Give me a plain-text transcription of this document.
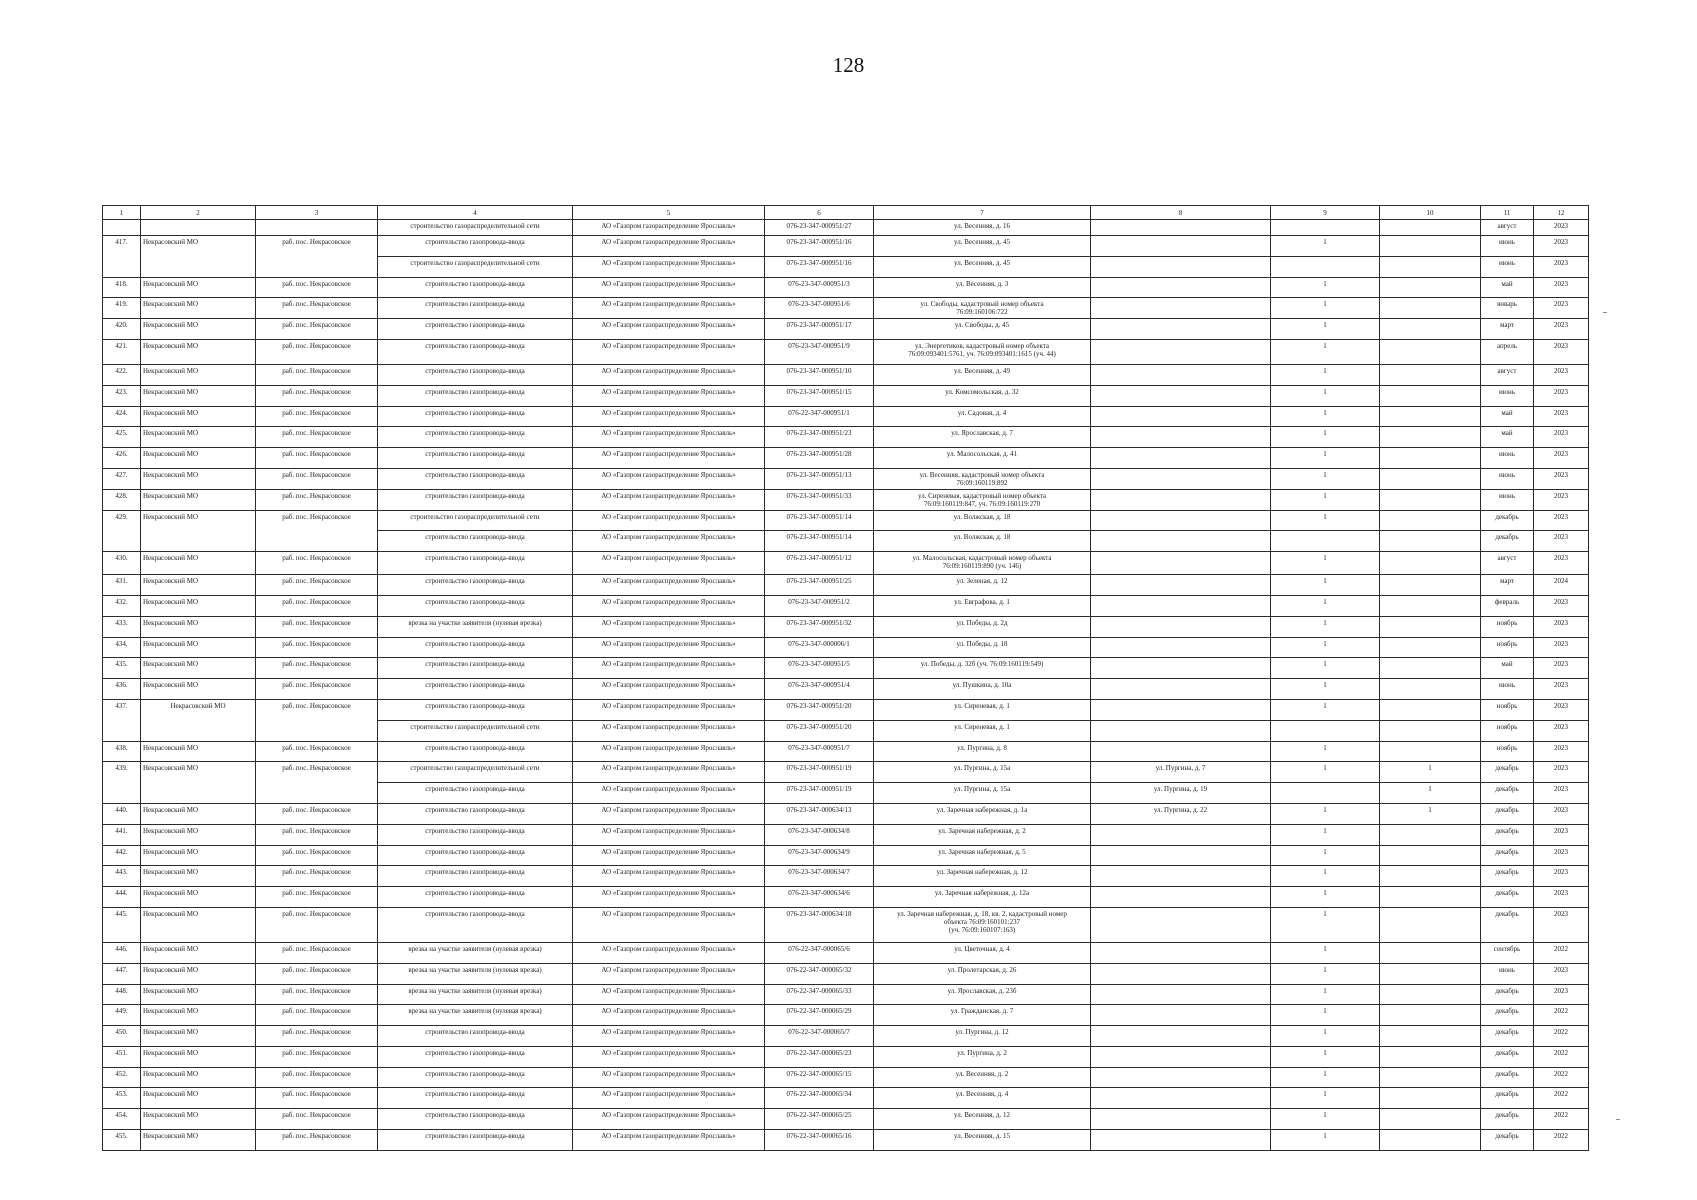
128
1	2	3	4	5	6	7	8	9	10	11	12
			строительство газораспределительной сети	АО «Газпром газораспределение Ярославль»	076-23-347-000951/27	ул. Весенняя, д. 16				август	2023
417.	Некрасовский МО	раб. пос. Некрасовское	строительство газопровода-ввода	АО «Газпром газораспределение Ярославль»	076-23-347-000951/16	ул. Весенняя, д. 45		1		июнь	2023
			строительство газораспределительной сети	АО «Газпром газораспределение Ярославль»	076-23-347-000951/16	ул. Весенняя, д. 45				июнь	2023
418.	Некрасовский МО	раб. пос. Некрасовское	строительство газопровода-ввода	АО «Газпром газораспределение Ярославль»	076-23-347-000951/3	ул. Весенняя, д. 3		1		май	2023
419.	Некрасовский МО	раб. пос. Некрасовское	строительство газопровода-ввода	АО «Газпром газораспределение Ярославль»	076-23-347-000951/6	ул. Свободы, кадастровый номер объекта
76:09:160106:722		1		январь	2023
420.	Некрасовский МО	раб. пос. Некрасовское	строительство газопровода-ввода	АО «Газпром газораспределение Ярославль»	076-23-347-000951/17	ул. Свободы, д. 45		1		март	2023
421.	Некрасовский МО	раб. пос. Некрасовское	строительство газопровода-ввода	АО «Газпром газораспределение Ярославль»	076-23-347-000951/9	ул. Энергетиков, кадастровый номер объекта
76:09:093401:5761, уч. 76:09:093401:1615 (уч. 44)		1		апрель	2023
422.	Некрасовский МО	раб. пос. Некрасовское	строительство газопровода-ввода	АО «Газпром газораспределение Ярославль»	076-23-347-000951/10	ул. Весенняя, д. 49		1		август	2023
423.	Некрасовский МО	раб. пос. Некрасовское	строительство газопровода-ввода	АО «Газпром газораспределение Ярославль»	076-23-347-000951/15	ул. Комсомольская, д. 32		1		июнь	2023
424.	Некрасовский МО	раб. пос. Некрасовское	строительство газопровода-ввода	АО «Газпром газораспределение Ярославль»	076-22-347-000951/1	ул. Садовая, д. 4		1		май	2023
425.	Некрасовский МО	раб. пос. Некрасовское	строительство газопровода-ввода	АО «Газпром газораспределение Ярославль»	076-23-347-000951/23	ул. Ярославская, д. 7		1		май	2023
426.	Некрасовский МО	раб. пос. Некрасовское	строительство газопровода-ввода	АО «Газпром газораспределение Ярославль»	076-23-347-000951/28	ул. Малосольская, д. 41		1		июнь	2023
427.	Некрасовский МО	раб. пос. Некрасовское	строительство газопровода-ввода	АО «Газпром газораспределение Ярославль»	076-23-347-000951/13	ул. Весенняя, кадастровый номер объекта
76:09:160119:892		1		июнь	2023
428.	Некрасовский МО	раб. пос. Некрасовское	строительство газопровода-ввода	АО «Газпром газораспределение Ярославль»	076-23-347-000951/33	ул. Сиреневая, кадастровый номер объекта
76:09:160119:847, уч. 76:09:160119:270		1		июнь	2023
429.	Некрасовский МО	раб. пос. Некрасовское	строительство газораспределительной сети	АО «Газпром газораспределение Ярославль»	076-23-347-000951/14	ул. Волжская, д. 18		1		декабрь	2023
			строительство газопровода-ввода	АО «Газпром газораспределение Ярославль»	076-23-347-000951/14	ул. Волжская, д. 18				декабрь	2023
430.	Некрасовский МО	раб. пос. Некрасовское	строительство газопровода-ввода	АО «Газпром газораспределение Ярославль»	076-23-347-000951/12	ул. Малосольская, кадастровый номер объекта
76:09:160119:890 (уч. 146)		1		август	2023
431.	Некрасовский МО	раб. пос. Некрасовское	строительство газопровода-ввода	АО «Газпром газораспределение Ярославль»	076-23-347-000951/25	ул. Зеленая, д. 12		1		март	2024
432.	Некрасовский МО	раб. пос. Некрасовское	строительство газопровода-ввода	АО «Газпром газораспределение Ярославль»	076-23-347-000951/2	ул. Евграфова, д. 1		1		февраль	2023
433.	Некрасовский МО	раб. пос. Некрасовское	врезка на участке заявителя (нулевая врезка)	АО «Газпром газораспределение Ярославль»	076-23-347-000951/32	ул. Победы, д. 2д		1		ноябрь	2023
434.	Некрасовский МО	раб. пос. Некрасовское	строительство газопровода-ввода	АО «Газпром газораспределение Ярославль»	076-23-347-000006/1	ул. Победы, д. 18		1		ноябрь	2023
435.	Некрасовский МО	раб. пос. Некрасовское	строительство газопровода-ввода	АО «Газпром газораспределение Ярославль»	076-23-347-000951/5	ул. Победы, д. 32б (уч. 76:09:160119:549)		1		май	2023
436.	Некрасовский МО	раб. пос. Некрасовское	строительство газопровода-ввода	АО «Газпром газораспределение Ярославль»	076-23-347-000951/4	ул. Пушкина, д. 10а		1		июнь	2023
437.	Некрасовский МО	раб. пос. Некрасовское	строительство газопровода-ввода	АО «Газпром газораспределение Ярославль»	076-23-347-000951/20	ул. Сиреневая, д. 1		1		ноябрь	2023
			строительство газораспределительной сети	АО «Газпром газораспределение Ярославль»	076-23-347-000951/20	ул. Сиреневая, д. 1				ноябрь	2023
438.	Некрасовский МО	раб. пос. Некрасовское	строительство газопровода-ввода	АО «Газпром газораспределение Ярославль»	076-23-347-000951/7	ул. Пургина, д. 8		1		ноябрь	2023
439.	Некрасовский МО	раб. пос. Некрасовское	строительство газораспределительной сети	АО «Газпром газораспределение Ярославль»	076-23-347-000951/19	ул. Пургина, д. 15а	ул. Пургина, д. 7	1	1	декабрь	2023
			строительство газопровода-ввода	АО «Газпром газораспределение Ярославль»	076-23-347-000951/19	ул. Пургина, д. 15а	ул. Пургина, д. 19		1	декабрь	2023
440.	Некрасовский МО	раб. пос. Некрасовское	строительство газопровода-ввода	АО «Газпром газораспределение Ярославль»	076-23-347-000634/13	ул. Заречная набережная, д. 1а	ул. Пургина, д. 22	1	1	декабрь	2023
441.	Некрасовский МО	раб. пос. Некрасовское	строительство газопровода-ввода	АО «Газпром газораспределение Ярославль»	076-23-347-000634/8	ул. Заречная набережная, д. 2		1		декабрь	2023
442.	Некрасовский МО	раб. пос. Некрасовское	строительство газопровода-ввода	АО «Газпром газораспределение Ярославль»	076-23-347-000634/9	ул. Заречная набережная, д. 5		1		декабрь	2023
443.	Некрасовский МО	раб. пос. Некрасовское	строительство газопровода-ввода	АО «Газпром газораспределение Ярославль»	076-23-347-000634/7	ул. Заречная набережная, д. 12		1		декабрь	2023
444.	Некрасовский МО	раб. пос. Некрасовское	строительство газопровода-ввода	АО «Газпром газораспределение Ярославль»	076-23-347-000634/6	ул. Заречная набережная, д. 12а		1		декабрь	2023
445.	Некрасовский МО	раб. пос. Некрасовское	строительство газопровода-ввода	АО «Газпром газораспределение Ярославль»	076-23-347-000634/18	ул. Заречная набережная, д. 18, кв. 2, кадастровый номер
объекта 76:09:160101:237
(уч. 76:09:160107:163)		1		декабрь	2023
446.	Некрасовский МО	раб. пос. Некрасовское	врезка на участке заявителя (нулевая врезка)	АО «Газпром газораспределение Ярославль»	076-22-347-000065/6	ул. Цветочная, д. 4		1		сентябрь	2022
447.	Некрасовский МО	раб. пос. Некрасовское	врезка на участке заявителя (нулевая врезка)	АО «Газпром газораспределение Ярославль»	076-22-347-000065/32	ул. Пролетарская, д. 26		1		июнь	2023
448.	Некрасовский МО	раб. пос. Некрасовское	врезка на участке заявителя (нулевая врезка)	АО «Газпром газораспределение Ярославль»	076-22-347-000065/33	ул. Ярославская, д. 23б		1		декабрь	2023
449.	Некрасовский МО	раб. пос. Некрасовское	врезка на участке заявителя (нулевая врезка)	АО «Газпром газораспределение Ярославль»	076-22-347-000065/29	ул. Гражданская, д. 7		1		декабрь	2022
450.	Некрасовский МО	раб. пос. Некрасовское	строительство газопровода-ввода	АО «Газпром газораспределение Ярославль»	076-22-347-000065/7	ул. Пургина, д. 12		1		декабрь	2022
451.	Некрасовский МО	раб. пос. Некрасовское	строительство газопровода-ввода	АО «Газпром газораспределение Ярославль»	076-22-347-000065/23	ул. Пургина, д. 2		1		декабрь	2022
452.	Некрасовский МО	раб. пос. Некрасовское	строительство газопровода-ввода	АО «Газпром газораспределение Ярославль»	076-22-347-000065/15	ул. Весенняя, д. 2		1		декабрь	2022
453.	Некрасовский МО	раб. пос. Некрасовское	строительство газопровода-ввода	АО «Газпром газораспределение Ярославль»	076-22-347-000065/34	ул. Весенняя, д. 4		1		декабрь	2022
454.	Некрасовский МО	раб. пос. Некрасовское	строительство газопровода-ввода	АО «Газпром газораспределение Ярославль»	076-22-347-000065/25	ул. Весенняя, д. 12		1		декабрь	2022
455.	Некрасовский МО	раб. пос. Некрасовское	строительство газопровода-ввода	АО «Газпром газораспределение Ярославль»	076-22-347-000065/16	ул. Весенняя, д. 15		1		декабрь	2022
